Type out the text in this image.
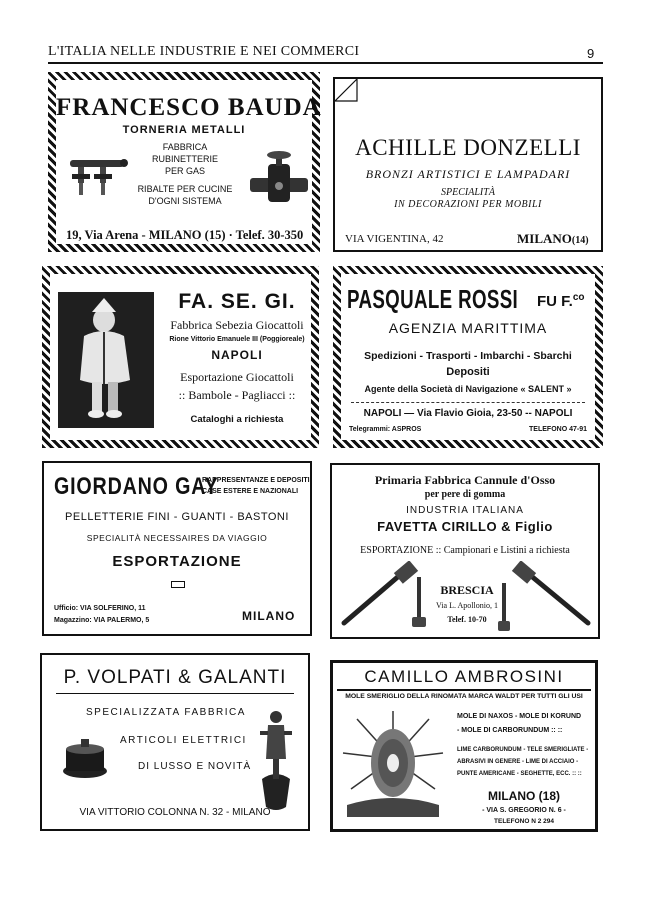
L'ITALIA NELLE INDUSTRIE E NEI COMMERCI	9
FRANCESCO BAUDA
TORNERIA METALLI
FABBRICA
RUBINETTERIE
PER GAS
RIBALTE PER CUCINE
D'OGNI SISTEMA
19, Via Arena - MILANO (15) · Telef. 30-350
ACHILLE DONZELLI
BRONZI ARTISTICI E LAMPADARI
SPECIALITÀ
IN DECORAZIONI PER MOBILI
VIA VIGENTINA, 42	MILANO(14)
FA. SE. GI.
Fabbrica Sebezia Giocattoli
Rione Vittorio Emanuele III (Poggioreale)
NAPOLI
Esportazione Giocattoli
:: Bambole - Pagliacci ::
Cataloghi a richiesta
PASQUALE ROSSI	FU F.$^{co}$
AGENZIA MARITTIMA
Spedizioni - Trasporti - Imbarchi - Sbarchi
Depositi
Agente della Società di Navigazione « SALENT »
NAPOLI — Via Flavio Gioia, 23-50 -- NAPOLI
Telegrammi: ASPROS	TELEFONO 47-91
GIORDANO GAY
RAPPRESENTANZE E DEPOSITI
CASE ESTERE E NAZIONALI
PELLETTERIE FINI - GUANTI - BASTONI
SPECIALITÀ NECESSAIRES DA VIAGGIO
ESPORTAZIONE
Ufficio: VIA SOLFERINO, 11
Magazzino: VIA PALERMO, 5	MILANO
Primaria Fabbrica Cannule d'Osso
per pere di gomma
INDUSTRIA ITALIANA
FAVETTA CIRILLO & Figlio
ESPORTAZIONE :: Campionari e Listini a richiesta
BRESCIA
Via L. Apollonio, 1
Telef. 10-70
P. VOLPATI & GALANTI
SPECIALIZZATA FABBRICA
ARTICOLI ELETTRICI
DI LUSSO E NOVITÀ
VIA VITTORIO COLONNA N. 32 - MILANO
CAMILLO AMBROSINI
MOLE SMERIGLIO DELLA RINOMATA MARCA WALDT PER TUTTI GLI USI
MOLE DI NAXOS - MOLE DI KORUND
- MOLE DI CARBORUNDUM :: ::
LIME CARBORUNDUM - TELE SMERIGLIATE -
ABRASIVI IN GENERE - LIME DI ACCIAIO -
PUNTE AMERICANE - SEGHETTE, ECC. :: ::
MILANO (18)
- VIA S. GREGORIO N. 6 -
TELEFONO N 2 294
